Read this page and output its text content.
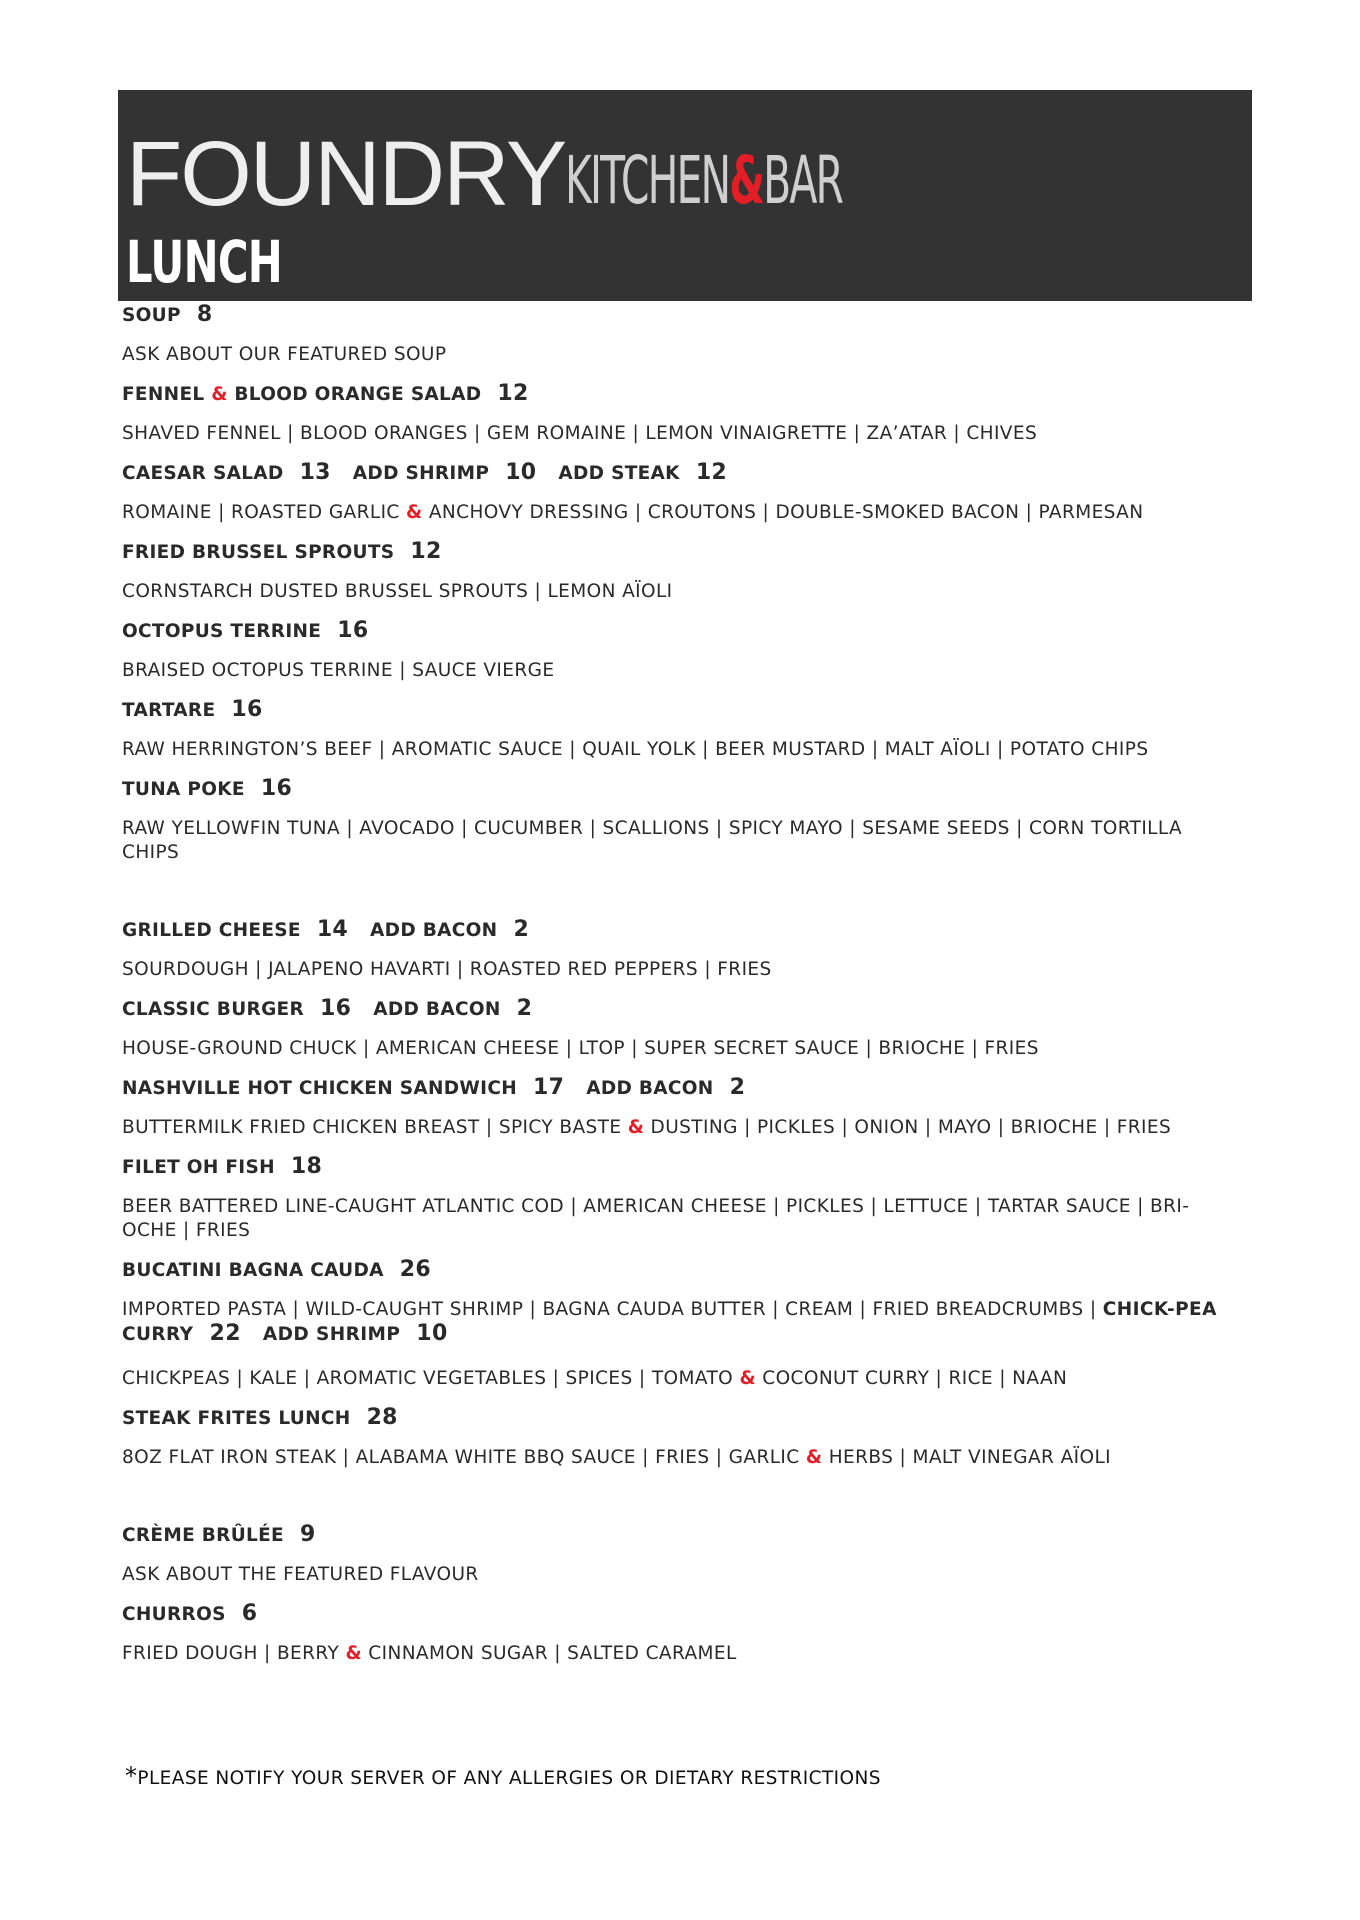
FOUNDRYKITCHEN&BAR
LUNCH
SOUP 8
ASK ABOUT OUR FEATURED SOUP
FENNEL & BLOOD ORANGE SALAD 12
SHAVED FENNEL | BLOOD ORANGES | GEM ROMAINE | LEMON VINAIGRETTE | ZA’ATAR | CHIVES
CAESAR SALAD 13 ADD SHRIMP 10 ADD STEAK 12
ROMAINE | ROASTED GARLIC & ANCHOVY DRESSING | CROUTONS | DOUBLE-SMOKED BACON | PARMESAN
FRIED BRUSSEL SPROUTS 12
CORNSTARCH DUSTED BRUSSEL SPROUTS | LEMON AÏOLI
OCTOPUS TERRINE 16
BRAISED OCTOPUS TERRINE | SAUCE VIERGE
TARTARE 16
RAW HERRINGTON’S BEEF | AROMATIC SAUCE | QUAIL YOLK | BEER MUSTARD | MALT AÏOLI | POTATO CHIPS
TUNA POKE 16
RAW YELLOWFIN TUNA | AVOCADO | CUCUMBER | SCALLIONS | SPICY MAYO | SESAME SEEDS | CORN TORTILLA CHIPS
GRILLED CHEESE 14 ADD BACON 2
SOURDOUGH | JALAPENO HAVARTI | ROASTED RED PEPPERS | FRIES
CLASSIC BURGER 16 ADD BACON 2
HOUSE-GROUND CHUCK | AMERICAN CHEESE | LTOP | SUPER SECRET SAUCE | BRIOCHE | FRIES
NASHVILLE HOT CHICKEN SANDWICH 17 ADD BACON 2
BUTTERMILK FRIED CHICKEN BREAST | SPICY BASTE & DUSTING | PICKLES | ONION | MAYO | BRIOCHE | FRIES
FILET OH FISH 18
BEER BATTERED LINE-CAUGHT ATLANTIC COD | AMERICAN CHEESE | PICKLES | LETTUCE | TARTAR SAUCE | BRI-OCHE | FRIES
BUCATINI BAGNA CAUDA 26
IMPORTED PASTA | WILD-CAUGHT SHRIMP | BAGNA CAUDA BUTTER | CREAM | FRIED BREADCRUMBS | CHICK-PEA CURRY 22 ADD SHRIMP 10
CHICKPEAS | KALE | AROMATIC VEGETABLES | SPICES | TOMATO & COCONUT CURRY | RICE | NAAN
STEAK FRITES LUNCH 28
8OZ FLAT IRON STEAK | ALABAMA WHITE BBQ SAUCE | FRIES | GARLIC & HERBS | MALT VINEGAR AÏOLI
CRÈME BRÛLÉE 9
ASK ABOUT THE FEATURED FLAVOUR
CHURROS 6
FRIED DOUGH | BERRY & CINNAMON SUGAR | SALTED CARAMEL
*PLEASE NOTIFY YOUR SERVER OF ANY ALLERGIES OR DIETARY RESTRICTIONS
